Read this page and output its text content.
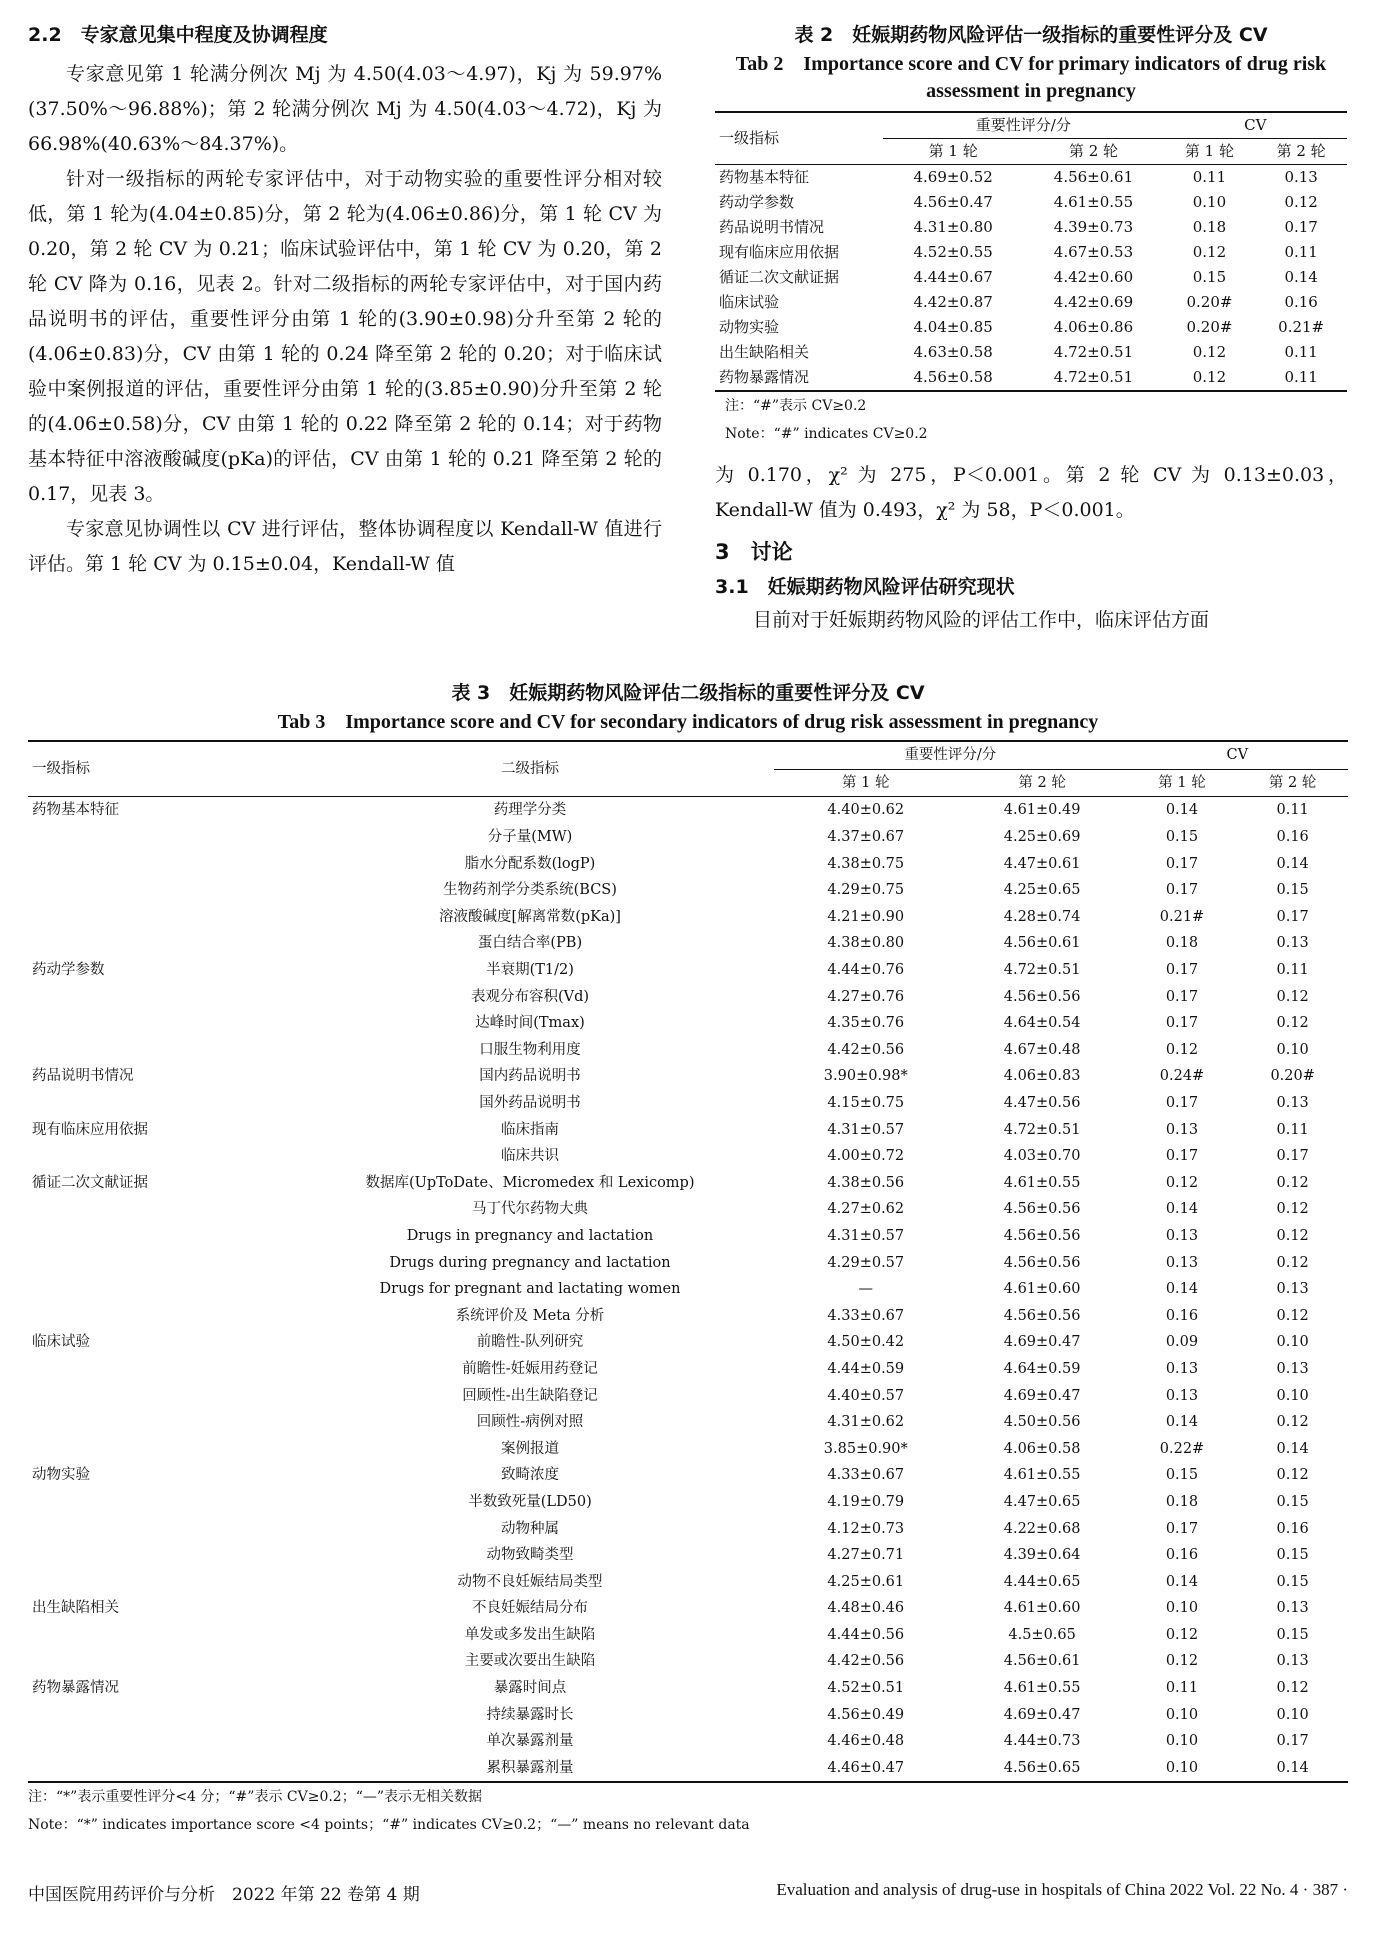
2.2　专家意见集中程度及协调程度

专家意见第 1 轮满分例次 Mj 为 4.50(4.03～4.97)，Kj 为 59.97%(37.50%～96.88%)；第 2 轮满分例次 Mj 为 4.50(4.03～4.72)，Kj 为 66.98%(40.63%～84.37%)。

针对一级指标的两轮专家评估中，对于动物实验的重要性评分相对较低，第 1 轮为(4.04±0.85)分，第 2 轮为(4.06±0.86)分，第 1 轮 CV 为 0.20，第 2 轮 CV 为 0.21；临床试验评估中，第 1 轮 CV 为 0.20，第 2 轮 CV 降为 0.16，见表 2。针对二级指标的两轮专家评估中，对于国内药品说明书的评估，重要性评分由第 1 轮的(3.90±0.98)分升至第 2 轮的(4.06±0.83)分，CV 由第 1 轮的 0.24 降至第 2 轮的 0.20；对于临床试验中案例报道的评估，重要性评分由第 1 轮的(3.85±0.90)分升至第 2 轮的(4.06±0.58)分，CV 由第 1 轮的 0.22 降至第 2 轮的 0.14；对于药物基本特征中溶液酸碱度(pKa)的评估，CV 由第 1 轮的 0.21 降至第 2 轮的 0.17，见表 3。

专家意见协调性以 CV 进行评估，整体协调程度以 Kendall-W 值进行评估。第 1 轮 CV 为 0.15±0.04，Kendall-W 值

表 2　妊娠期药物风险评估一级指标的重要性评分及 CV
Tab 2　Importance score and CV for primary indicators of drug risk assessment in pregnancy
一级指标	重要性评分/分		CV	
	第 1 轮	第 2 轮	第 1 轮	第 2 轮
药物基本特征	4.69±0.52	4.56±0.61	0.11	0.13
药动学参数	4.56±0.47	4.61±0.55	0.10	0.12
药品说明书情况	4.31±0.80	4.39±0.73	0.18	0.17
现有临床应用依据	4.52±0.55	4.67±0.53	0.12	0.11
循证二次文献证据	4.44±0.67	4.42±0.60	0.15	0.14
临床试验	4.42±0.87	4.42±0.69	0.20#	0.16
动物实验	4.04±0.85	4.06±0.86	0.20#	0.21#
出生缺陷相关	4.63±0.58	4.72±0.51	0.12	0.11
药物暴露情况	4.56±0.58	4.72±0.51	0.12	0.11
注：“#”表示 CV≥0.2
Note：“#” indicates CV≥0.2

为 0.170，χ² 为 275，P＜0.001。第 2 轮 CV 为 0.13±0.03，Kendall-W 值为 0.493，χ² 为 58，P＜0.001。

3　讨论
3.1　妊娠期药物风险评估研究现状

目前对于妊娠期药物风险的评估工作中，临床评估方面

表 3　妊娠期药物风险评估二级指标的重要性评分及 CV
Tab 3　Importance score and CV for secondary indicators of drug risk assessment in pregnancy
一级指标	二级指标	重要性评分/分		CV	
		第 1 轮	第 2 轮	第 1 轮	第 2 轮
药物基本特征	药理学分类	4.40±0.62	4.61±0.49	0.14	0.11
	分子量(MW)	4.37±0.67	4.25±0.69	0.15	0.16
	脂水分配系数(logP)	4.38±0.75	4.47±0.61	0.17	0.14
	生物药剂学分类系统(BCS)	4.29±0.75	4.25±0.65	0.17	0.15
	溶液酸碱度[解离常数(pKa)]	4.21±0.90	4.28±0.74	0.21#	0.17
	蛋白结合率(PB)	4.38±0.80	4.56±0.61	0.18	0.13
药动学参数	半衰期(T1/2)	4.44±0.76	4.72±0.51	0.17	0.11
	表观分布容积(Vd)	4.27±0.76	4.56±0.56	0.17	0.12
	达峰时间(Tmax)	4.35±0.76	4.64±0.54	0.17	0.12
	口服生物利用度	4.42±0.56	4.67±0.48	0.12	0.10
药品说明书情况	国内药品说明书	3.90±0.98*	4.06±0.83	0.24#	0.20#
	国外药品说明书	4.15±0.75	4.47±0.56	0.17	0.13
现有临床应用依据	临床指南	4.31±0.57	4.72±0.51	0.13	0.11
	临床共识	4.00±0.72	4.03±0.70	0.17	0.17
循证二次文献证据	数据库(UpToDate、Micromedex 和 Lexicomp)	4.38±0.56	4.61±0.55	0.12	0.12
	马丁代尔药物大典	4.27±0.62	4.56±0.56	0.14	0.12
	Drugs in pregnancy and lactation	4.31±0.57	4.56±0.56	0.13	0.12
	Drugs during pregnancy and lactation	4.29±0.57	4.56±0.56	0.13	0.12
	Drugs for pregnant and lactating women	—	4.61±0.60	0.14	0.13
	系统评价及 Meta 分析	4.33±0.67	4.56±0.56	0.16	0.12
临床试验	前瞻性-队列研究	4.50±0.42	4.69±0.47	0.09	0.10
	前瞻性-妊娠用药登记	4.44±0.59	4.64±0.59	0.13	0.13
	回顾性-出生缺陷登记	4.40±0.57	4.69±0.47	0.13	0.10
	回顾性-病例对照	4.31±0.62	4.50±0.56	0.14	0.12
	案例报道	3.85±0.90*	4.06±0.58	0.22#	0.14
动物实验	致畸浓度	4.33±0.67	4.61±0.55	0.15	0.12
	半数致死量(LD50)	4.19±0.79	4.47±0.65	0.18	0.15
	动物种属	4.12±0.73	4.22±0.68	0.17	0.16
	动物致畸类型	4.27±0.71	4.39±0.64	0.16	0.15
	动物不良妊娠结局类型	4.25±0.61	4.44±0.65	0.14	0.15
出生缺陷相关	不良妊娠结局分布	4.48±0.46	4.61±0.60	0.10	0.13
	单发或多发出生缺陷	4.44±0.56	4.5±0.65	0.12	0.15
	主要或次要出生缺陷	4.42±0.56	4.56±0.61	0.12	0.13
药物暴露情况	暴露时间点	4.52±0.51	4.61±0.55	0.11	0.12
	持续暴露时长	4.56±0.49	4.69±0.47	0.10	0.10
	单次暴露剂量	4.46±0.48	4.44±0.73	0.10	0.17
	累积暴露剂量	4.46±0.47	4.56±0.65	0.10	0.14
注：“*”表示重要性评分<4 分；“#”表示 CV≥0.2；“—”表示无相关数据
Note：“*” indicates importance score <4 points；“#” indicates CV≥0.2；“—” means no relevant data
中国医院用药评价与分析　2022 年第 22 卷第 4 期	Evaluation and analysis of drug-use in hospitals of China 2022 Vol. 22 No. 4 · 387 ·
